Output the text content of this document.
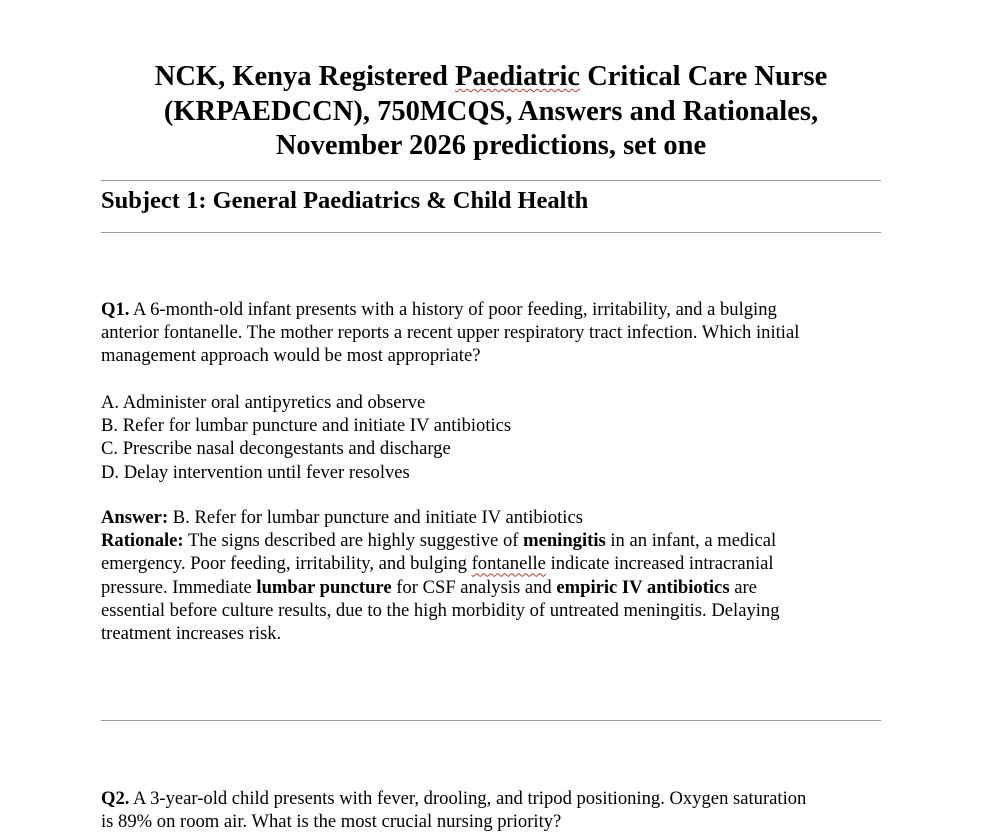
NCK, Kenya Registered Paediatric Critical Care Nurse
(KRPAEDCCN), 750MCQS, Answers and Rationales,
November 2026 predictions, set one
Subject 1: General Paediatrics & Child Health
Q1. A 6-month-old infant presents with a history of poor feeding, irritability, and a bulging
anterior fontanelle. The mother reports a recent upper respiratory tract infection. Which initial
management approach would be most appropriate?
A. Administer oral antipyretics and observe
B. Refer for lumbar puncture and initiate IV antibiotics
C. Prescribe nasal decongestants and discharge
D. Delay intervention until fever resolves
Answer: B. Refer for lumbar puncture and initiate IV antibiotics
Rationale: The signs described are highly suggestive of meningitis in an infant, a medical
emergency. Poor feeding, irritability, and bulging fontanelle indicate increased intracranial
pressure. Immediate lumbar puncture for CSF analysis and empiric IV antibiotics are
essential before culture results, due to the high morbidity of untreated meningitis. Delaying
treatment increases risk.
Q2. A 3-year-old child presents with fever, drooling, and tripod positioning. Oxygen saturation
is 89% on room air. What is the most crucial nursing priority?
